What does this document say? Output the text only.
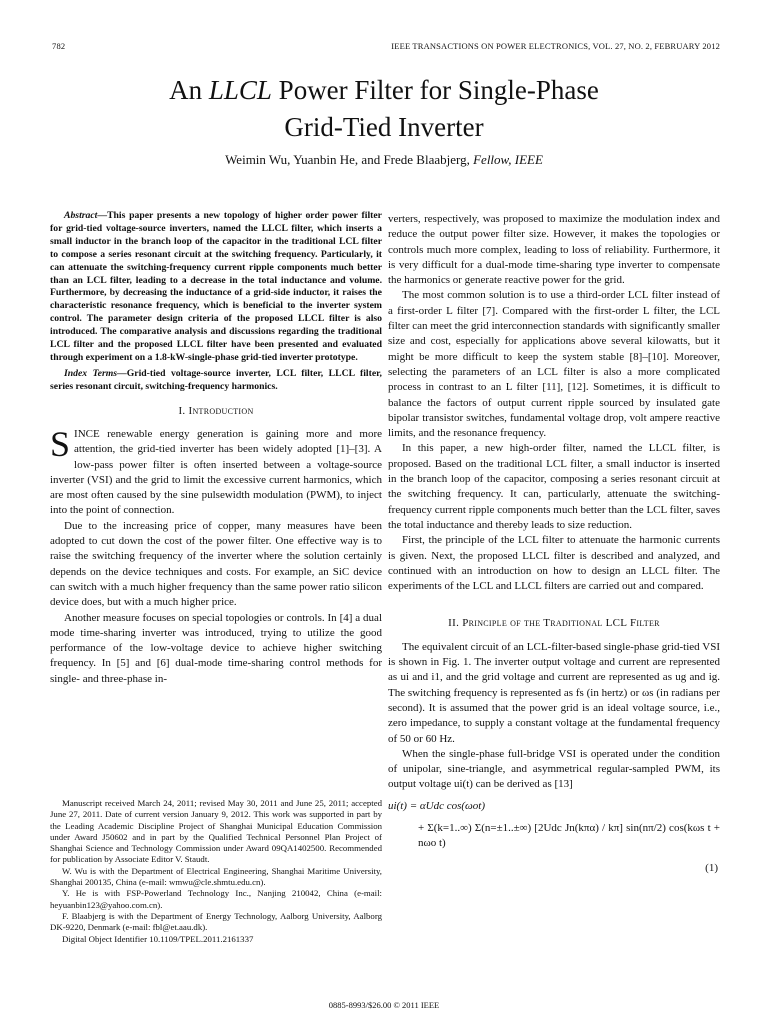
782	IEEE TRANSACTIONS ON POWER ELECTRONICS, VOL. 27, NO. 2, FEBRUARY 2012
An LLCL Power Filter for Single-Phase
Grid-Tied Inverter
Weimin Wu, Yuanbin He, and Frede Blaabjerg, Fellow, IEEE

Abstract—This paper presents a new topology of higher order power filter for grid-tied voltage-source inverters, named the LLCL filter, which inserts a small inductor in the branch loop of the capacitor in the traditional LCL filter to compose a series resonant circuit at the switching frequency. Particularly, it can attenuate the switching-frequency current ripple components much better than an LCL filter, leading to a decrease in the total inductance and volume. Furthermore, by decreasing the inductance of a grid-side inductor, it raises the characteristic resonance frequency, which is beneficial to the inverter system control. The parameter design criteria of the proposed LLCL filter is also introduced. The comparative analysis and discussions regarding the traditional LCL filter and the proposed LLCL filter have been presented and evaluated through experiment on a 1.8-kW-single-phase grid-tied inverter prototype.

Index Terms—Grid-tied voltage-source inverter, LCL filter, LLCL filter, series resonant circuit, switching-frequency harmonics.

I. Introduction

SINCE renewable energy generation is gaining more and more attention, the grid-tied inverter has been widely adopted [1]–[3]. A low-pass power filter is often inserted between a voltage-source inverter (VSI) and the grid to limit the excessive current harmonics, which are most often caused by the sine pulsewidth modulation (PWM), to inject into the point of connection.

Due to the increasing price of copper, many measures have been adopted to cut down the cost of the power filter. One effective way is to raise the switching frequency of the inverter where the solution certainly depends on the device techniques and costs. For example, an SiC device can switch with a much higher frequency than the same power ratio silicon device does, but with a much higher price.

Another measure focuses on special topologies or controls. In [4] a dual mode time-sharing inverter was introduced, trying to utilize the good performance of the low-voltage device to achieve higher switching frequency. In [5] and [6] dual-mode time-sharing control methods for single- and three-phase in-

verters, respectively, was proposed to maximize the modulation index and reduce the output power filter size. However, it makes the topologies or controls much more complex, leading to loss of reliability. Furthermore, it is very difficult for a dual-mode time-sharing type inverter to compensate the harmonics or generate reactive power for the grid.

The most common solution is to use a third-order LCL filter instead of a first-order L filter [7]. Compared with the first-order L filter, the LCL filter can meet the grid interconnection standards with significantly smaller size and cost, especially for applications above several kilowatts, but it might be more difficult to keep the system stable [8]–[10]. Moreover, selecting the parameters of an LCL filter is also a more complicated process in contrast to an L filter [11], [12]. Sometimes, it is difficult to balance the factors of output current ripple sourced by insulated gate bipolar transistor switches, fundamental voltage drop, volt ampere reactive limits, and the resonance frequency.

In this paper, a new high-order filter, named the LLCL filter, is proposed. Based on the traditional LCL filter, a small inductor is inserted in the branch loop of the capacitor, composing a series resonant circuit at the switching frequency. It can, particularly, attenuate the switching-frequency current ripple components much better than the LCL filter, saves the total inductance and thereby leads to size reduction.

First, the principle of the LCL filter to attenuate the harmonic currents is given. Next, the proposed LLCL filter is described and analyzed, and continued with an introduction on how to design an LLCL filter. The experiments of the LCL and LLCL filters are carried out and compared.

II. Principle of the Traditional LCL Filter

The equivalent circuit of an LCL-filter-based single-phase grid-tied VSI is shown in Fig. 1. The inverter output voltage and current are represented as ui and i1, and the grid voltage and current are represented as ug and ig. The switching frequency is represented as fs (in hertz) or ωs (in radians per second). It is assumed that the power grid is an ideal voltage source, i.e., zero impedance, to supply a constant voltage at the fundamental frequency of 50 or 60 Hz.

When the single-phase full-bridge VSI is operated under the condition of unipolar, sine-triangle, and asymmetrical regular-sampled PWM, its output voltage ui(t) can be derived as [13]

ui(t) = αUdc cos(ωot)
+ Σ(k=1..∞) Σ(n=±1..±∞) [2Udc Jn(kπα) / kπ] sin(nπ/2) cos(kωs t + nωo t)
(1)

Manuscript received March 24, 2011; revised May 30, 2011 and June 25, 2011; accepted June 27, 2011. Date of current version January 9, 2012. This work was supported in part by the Leading Academic Discipline Project of Shanghai Municipal Education Commission under Award J50602 and in part by the Qualified Technical Personnel Plan Project of Shanghai Science and Technology Commission under Award 09QA1402500. Recommended for publication by Associate Editor V. Staudt.

W. Wu is with the Department of Electrical Engineering, Shanghai Maritime University, Shanghai 200135, China (e-mail: wmwu@cle.shmtu.edu.cn).

Y. He is with FSP-Powerland Technology Inc., Nanjing 210042, China (e-mail: heyuanbin123@yahoo.com.cn).

F. Blaabjerg is with the Department of Energy Technology, Aalborg University, Aalborg DK-9220, Denmark (e-mail: fbl@et.aau.dk).

Digital Object Identifier 10.1109/TPEL.2011.2161337

0885-8993/$26.00 © 2011 IEEE
